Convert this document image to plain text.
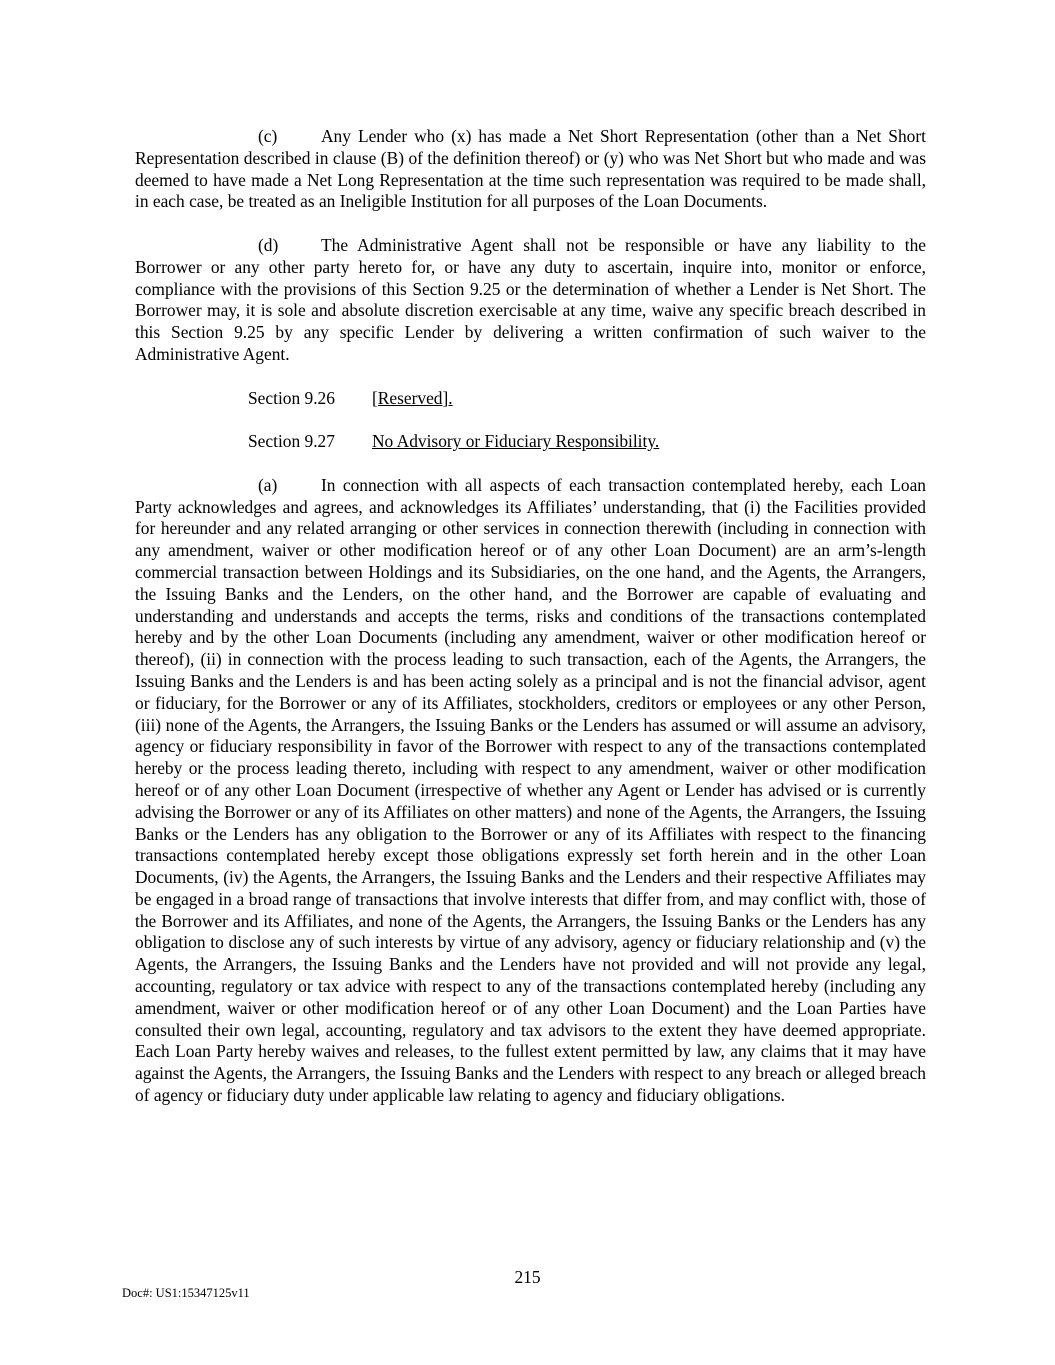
(c)	Any Lender who (x) has made a Net Short Representation (other than a Net Short Representation described in clause (B) of the definition thereof) or (y) who was Net Short but who made and was deemed to have made a Net Long Representation at the time such representation was required to be made shall, in each case, be treated as an Ineligible Institution for all purposes of the Loan Documents.

(d) The Administrative Agent shall not be responsible or have any liability to the Borrower or any other party hereto for, or have any duty to ascertain, inquire into, monitor or enforce, compliance with the provisions of this Section 9.25 or the determination of whether a Lender is Net Short. The Borrower may, it is sole and absolute discretion exercisable at any time, waive any specific breach described in this Section 9.25 by any specific Lender by delivering a written confirmation of such waiver to the Administrative Agent.

Section 9.26 [Reserved].
Section 9.27 No Advisory or Fiduciary Responsibility.

(a)	In connection with all aspects of each transaction contemplated hereby, each Loan Party acknowledges and agrees, and acknowledges its Affiliates’ understanding, that (i) the Facilities provided for hereunder and any related arranging or other services in connection therewith (including in connection with any amendment, waiver or other modification hereof or of any other Loan Document) are an arm’s-length commercial transaction between Holdings and its Subsidiaries, on the one hand, and the Agents, the Arrangers, the Issuing Banks and the Lenders, on the other hand, and the Borrower are capable of evaluating and understanding and understands and accepts the terms, risks and conditions of the transactions contemplated hereby and by the other Loan Documents (including any amendment, waiver or other modification hereof or thereof), (ii) in connection with the process leading to such transaction, each of the Agents, the Arrangers, the Issuing Banks and the Lenders is and has been acting solely as a principal and is not the financial advisor, agent or fiduciary, for the Borrower or any of its Affiliates, stockholders, creditors or employees or any other Person, (iii) none of the Agents, the Arrangers, the Issuing Banks or the Lenders has assumed or will assume an advisory, agency or fiduciary responsibility in favor of the Borrower with respect to any of the transactions contemplated hereby or the process leading thereto, including with respect to any amendment, waiver or other modification hereof or of any other Loan Document (irrespective of whether any Agent or Lender has advised or is currently advising the Borrower or any of its Affiliates on other matters) and none of the Agents, the Arrangers, the Issuing Banks or the Lenders has any obligation to the Borrower or any of its Affiliates with respect to the financing transactions contemplated hereby except those obligations expressly set forth herein and in the other Loan Documents, (iv) the Agents, the Arrangers, the Issuing Banks and the Lenders and their respective Affiliates may be engaged in a broad range of transactions that involve interests that differ from, and may conflict with, those of the Borrower and its Affiliates, and none of the Agents, the Arrangers, the Issuing Banks or the Lenders has any obligation to disclose any of such interests by virtue of any advisory, agency or fiduciary relationship and (v) the Agents, the Arrangers, the Issuing Banks and the Lenders have not provided and will not provide any legal, accounting, regulatory or tax advice with respect to any of the transactions contemplated hereby (including any amendment, waiver or other modification hereof or of any other Loan Document) and the Loan Parties have consulted their own legal, accounting, regulatory and tax advisors to the extent they have deemed appropriate. Each Loan Party hereby waives and releases, to the fullest extent permitted by law, any claims that it may have against the Agents, the Arrangers, the Issuing Banks and the Lenders with respect to any breach or alleged breach of agency or fiduciary duty under applicable law relating to agency and fiduciary obligations.

215
Doc#: US1:15347125v11
